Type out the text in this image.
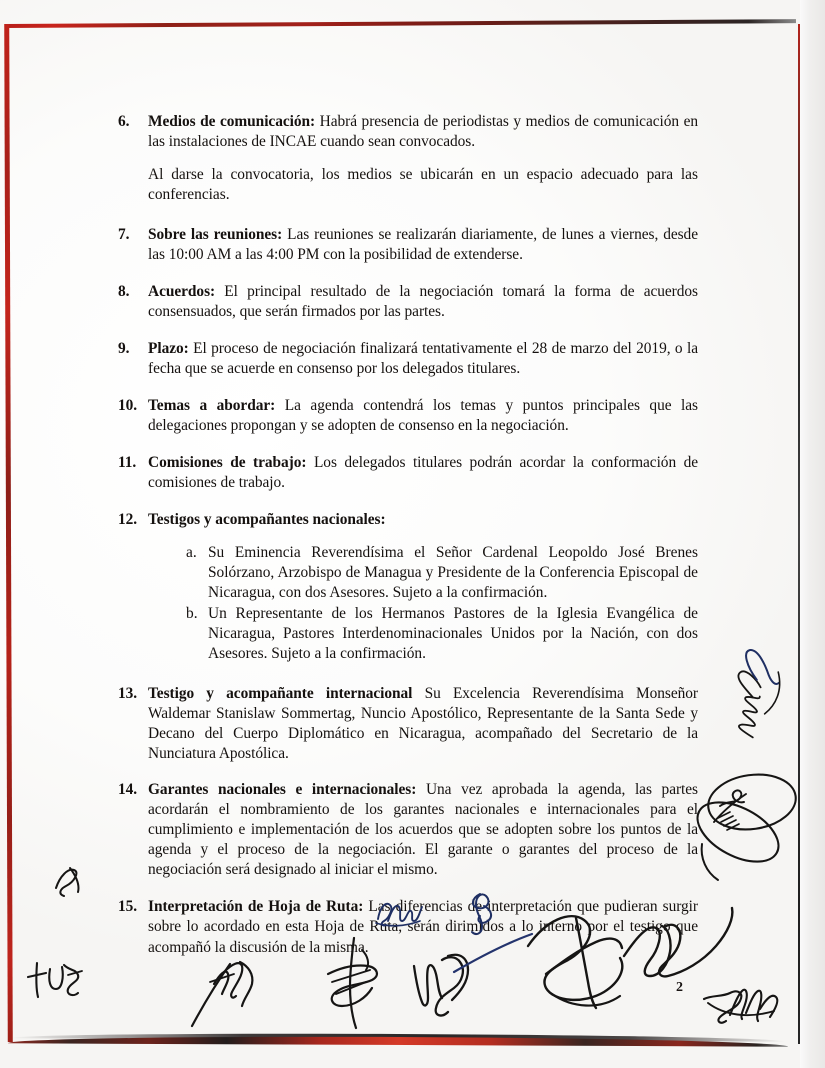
6.	Medios de comunicación: Habrá presencia de periodistas y medios de comunicación en las instalaciones de INCAE cuando sean convocados.
Al darse la convocatoria, los medios se ubicarán en un espacio adecuado para las conferencias.
7.	Sobre las reuniones: Las reuniones se realizarán diariamente, de lunes a viernes, desde las 10:00 AM a las 4:00 PM con la posibilidad de extenderse.
8.	Acuerdos: El principal resultado de la negociación tomará la forma de acuerdos consensuados, que serán firmados por las partes.
9.	Plazo: El proceso de negociación finalizará tentativamente el 28 de marzo del 2019, o la fecha que se acuerde en consenso por los delegados titulares.
10. Temas a abordar: La agenda contendrá los temas y puntos principales que las delegaciones propongan y se adopten de consenso en la negociación.
11. Comisiones de trabajo: Los delegados titulares podrán acordar la conformación de comisiones de trabajo.
12. Testigos y acompañantes nacionales:
a. Su Eminencia Reverendísima el Señor Cardenal Leopoldo José Brenes Solórzano, Arzobispo de Managua y Presidente de la Conferencia Episcopal de Nicaragua, con dos Asesores. Sujeto a la confirmación.
b. Un Representante de los Hermanos Pastores de la Iglesia Evangélica de Nicaragua, Pastores Interdenominacionales Unidos por la Nación, con dos Asesores. Sujeto a la confirmación.
13. Testigo y acompañante internacional Su Excelencia Reverendísima Monseñor Waldemar Stanislaw Sommertag, Nuncio Apostólico, Representante de la Santa Sede y Decano del Cuerpo Diplomático en Nicaragua, acompañado del Secretario de la Nunciatura Apostólica.
14. Garantes nacionales e internacionales: Una vez aprobada la agenda, las partes acordarán el nombramiento de los garantes nacionales e internacionales para el cumplimiento e implementación de los acuerdos que se adopten sobre los puntos de la agenda y el proceso de la negociación. El garante o garantes del proceso de la negociación será designado al iniciar el mismo.
15. Interpretación de Hoja de Ruta: Las diferencias de interpretación que pudieran surgir sobre lo acordado en esta Hoja de Ruta, serán dirimidos a lo interno por el testigo que acompañó la discusión de la misma.
2
